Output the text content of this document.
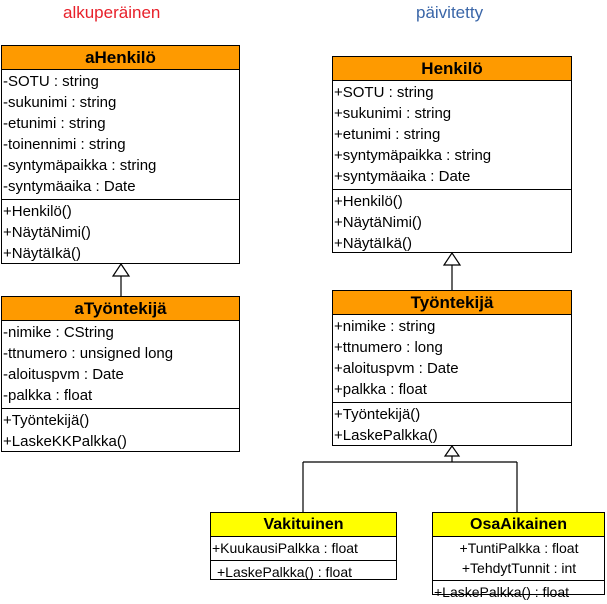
alkuperäinen	päivitetty
aHenkilö
-SOTU : string
-sukunimi : string
-etunimi : string
-toinennimi : string
-syntymäpaikka : string
-syntymäaika : Date
+Henkilö()
+NäytäNimi()
+NäytäIkä()
aTyöntekijä
-nimike : CString
-ttnumero : unsigned long
-aloituspvm : Date
-palkka : float
+Työntekijä()
+LaskeKKPalkka()
Henkilö
+SOTU : string
+sukunimi : string
+etunimi : string
+syntymäpaikka : string
+syntymäaika : Date
+Henkilö()
+NäytäNimi()
+NäytäIkä()
Työntekijä
+nimike : string
+ttnumero : long
+aloituspvm : Date
+palkka : float
+Työntekijä()
+LaskePalkka()
Vakituinen
+KuukausiPalkka : float
+LaskePalkka() : float
OsaAikainen
+TuntiPalkka : float
+TehdytTunnit : int
+LaskePalkka() : float
